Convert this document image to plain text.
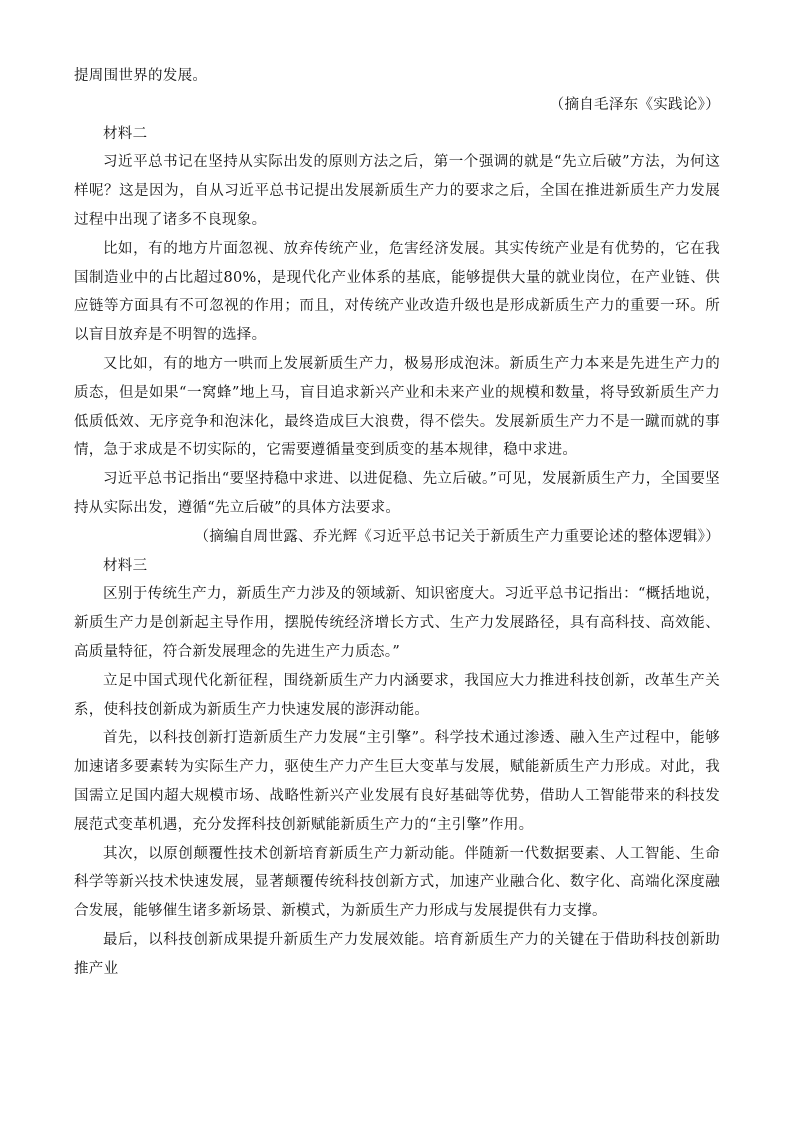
提周围世界的发展。

（摘自毛泽东《实践论》）

材料二

习近平总书记在坚持从实际出发的原则方法之后，第一个强调的就是“先立后破”方法，为何这样呢？这是因为，自从习近平总书记提出发展新质生产力的要求之后，全国在推进新质生产力发展过程中出现了诸多不良现象。

比如，有的地方片面忽视、放弃传统产业，危害经济发展。其实传统产业是有优势的，它在我国制造业中的占比超过80%，是现代化产业体系的基底，能够提供大量的就业岗位，在产业链、供应链等方面具有不可忽视的作用；而且，对传统产业改造升级也是形成新质生产力的重要一环。所以盲目放弃是不明智的选择。

又比如，有的地方一哄而上发展新质生产力，极易形成泡沫。新质生产力本来是先进生产力的质态，但是如果“一窝蜂”地上马，盲目追求新兴产业和未来产业的规模和数量，将导致新质生产力低质低效、无序竞争和泡沫化，最终造成巨大浪费，得不偿失。发展新质生产力不是一蹴而就的事情，急于求成是不切实际的，它需要遵循量变到质变的基本规律，稳中求进。

习近平总书记指出“要坚持稳中求进、以进促稳、先立后破。”可见，发展新质生产力，全国要坚持从实际出发，遵循“先立后破”的具体方法要求。

（摘编自周世露、乔光辉《习近平总书记关于新质生产力重要论述的整体逻辑》）

材料三

区别于传统生产力，新质生产力涉及的领域新、知识密度大。习近平总书记指出：“概括地说，新质生产力是创新起主导作用，摆脱传统经济增长方式、生产力发展路径，具有高科技、高效能、高质量特征，符合新发展理念的先进生产力质态。”

立足中国式现代化新征程，围绕新质生产力内涵要求，我国应大力推进科技创新，改革生产关系，使科技创新成为新质生产力快速发展的澎湃动能。

首先，以科技创新打造新质生产力发展“主引擎”。科学技术通过渗透、融入生产过程中，能够加速诸多要素转为实际生产力，驱使生产力产生巨大变革与发展，赋能新质生产力形成。对此，我国需立足国内超大规模市场、战略性新兴产业发展有良好基础等优势，借助人工智能带来的科技发展范式变革机遇，充分发挥科技创新赋能新质生产力的“主引擎”作用。

其次，以原创颠覆性技术创新培育新质生产力新动能。伴随新一代数据要素、人工智能、生命科学等新兴技术快速发展，显著颠覆传统科技创新方式，加速产业融合化、数字化、高端化深度融合发展，能够催生诸多新场景、新模式，为新质生产力形成与发展提供有力支撑。

最后，以科技创新成果提升新质生产力发展效能。培育新质生产力的关键在于借助科技创新助推产业
